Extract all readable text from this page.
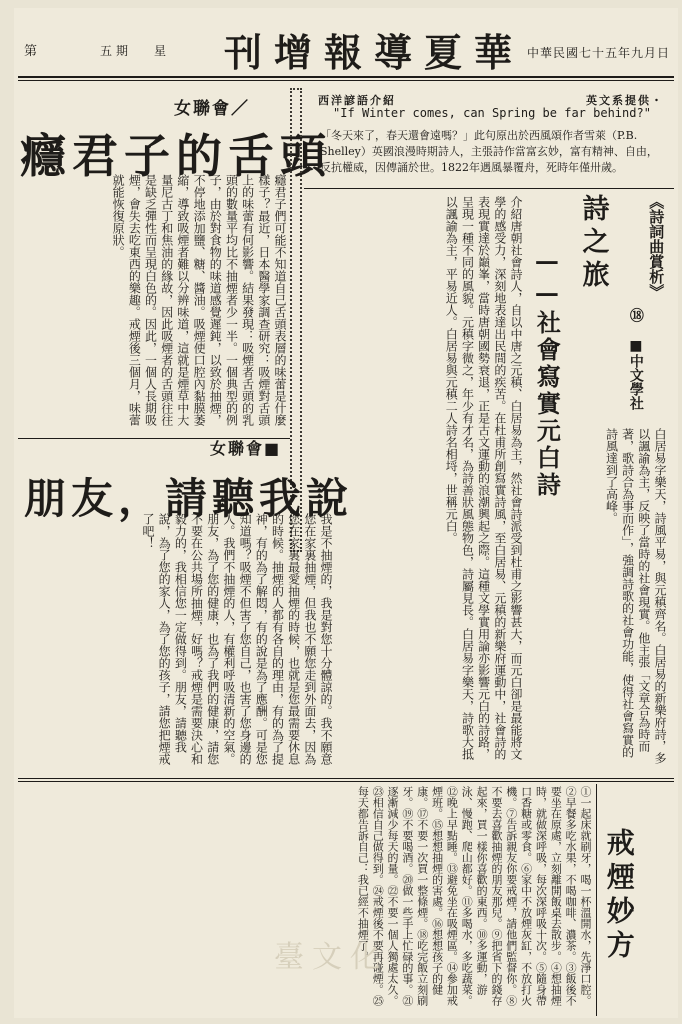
第	五期 星 刊增報導夏華 中華民國七十五年九月日
女聯會／
癮君子的舌頭
癮君子們可能不知道自己舌頭表層的味蕾是什麼樣子？最近，日本醫學家調查研究：吸煙對舌頭上的味蕾有何影響。結果發現：吸煙者舌頭的乳頭的數量平均比不抽煙者少一半。一個典型的例子，由於對食物的味道感覺遲鈍，以致於抽煙，不停地添加鹽、糖、醬油。吸煙使口腔內黏膜萎縮，導致吸煙者難以分辨味道，這就是煙草中大量尼古丁和焦油的緣故，因此吸煙者的舌頭往往是缺乏彈性而呈現白色的。因此，一個人長期吸煙，會失去吃東西的樂趣。戒煙後三個月，味蕾就能恢復原狀。
女聯會■
朋友，請聽我說
我是不抽煙的，我是對您十分體諒的。我不願意您在家裏抽煙，但我也不願您走到外面去，因為您在家裏最愛抽煙的時候，也就是您最需要休息的時候。抽煙的人都有各自的理由，有的為了提神，有的為了解悶，有的說是為了應酬。可是您知道嗎？吸煙不但害了您自己，也害了您身邊的人。我們不抽煙的人，有權利呼吸清新的空氣。朋友，為了您的健康，也為了我們的健康，請您不要在公共場所抽煙，好嗎？戒煙是需要決心和毅力的，我相信您一定做得到。朋友，請聽我說，為了您的家人，為了您的孩子，請您把煙戒了吧！
西洋諺語介紹	英文系提供・
"If Winter comes, can Spring be far behind?"
「冬天來了，春天還會遠嗎？」此句原出於西風頌作者雪萊（P.B. Shelley）英國浪漫時期詩人，主張詩作當富玄妙，富有精神、自由，反抗權威，因傳誦於世。1822年遇風暴覆舟，死時年僅卅歲。
介紹唐朝社會詩人，自以中唐之元稹、白居易為主，然社會詩派受到杜甫之影響甚大，而元白卻是最能將文學的感受力，深刻地表達出民間的疾苦。在杜甫所創寫實詩風，至白居易、元稹的新樂府運動中，社會詩的表現實達於巔峯，當時唐朝國勢衰退，正是古文運動的浪潮興起之際。這種文學實用論亦影響元白的詩路，呈現一種不同的風貌。元稹字微之，年少有才名，為詩善狀風態物色，詩屬見長。白居易字樂天，詩歌大抵以諷諭為主，平易近人。白居易與元稹二人詩名相埒，世稱元白。
白居易字樂天，詩風平易，與元稹齊名。白居易的新樂府詩，多以諷諭為主，反映了當時的社會現實。他主張「文章合為時而著，歌詩合為事而作」，強調詩歌的社會功能，使得社會寫實的詩風達到了高峰。
《詩詞曲賞析》
⑱
■中文學社
詩之旅
——社會寫實元白詩
①一起床就刷牙，喝一杯溫開水，先淨口腔。②早餐多吃水果，不喝咖啡、濃茶。③飯後不要坐在原處，立刻離開飯桌去散步。④想抽煙時，就做深呼吸，每次深呼吸十次。⑤隨身帶口香糖或零食。⑥家中不放煙灰缸，不放打火機。⑦告訴親友你要戒煙，請他們監督你。⑧不要去喜歡抽煙的朋友那兒。⑨把省下的錢存起來，買一樣你喜歡的東西。⑩多運動，游泳、慢跑、爬山都好。⑪多喝水，多吃蔬菜。⑫晚上早點睡。⑬避免坐在吸煙區。⑭參加戒煙班。⑮想想抽煙的害處。⑯想想孩子的健康。⑰不要一次買一整條煙。⑱吃完飯立刻刷牙。⑲不要喝酒。⑳做一些手上忙碌的事。㉑逐漸減少每天的量。㉒不要一個人獨處太久。㉓相信自己做得到。㉔戒煙後不要再碰煙。㉕每天都告訴自己：我已經不抽煙了。	戒煙妙方
臺文化
